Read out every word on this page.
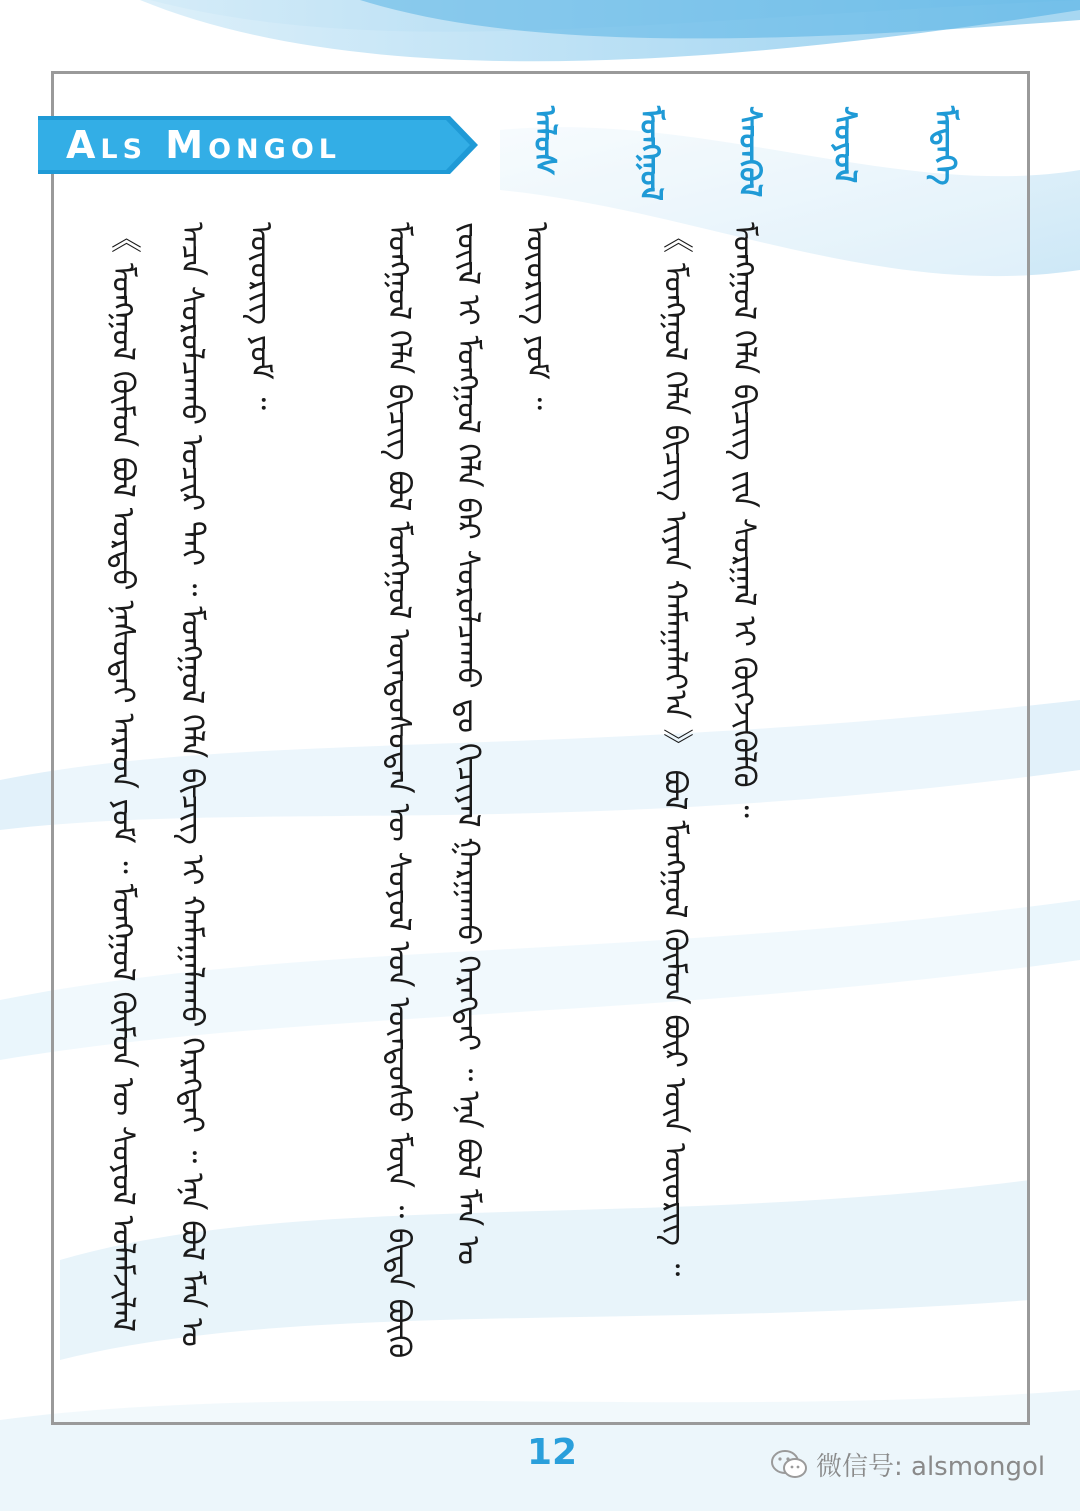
Als Mongol	ᠠᠯᠤᠰ ᠮᠣᠩᠭᠣᠯ ᠰᠡᠳᠬᠦᠯ ᠰᠣᠶᠣᠯ ᠮᠡᠳᠡᠭᠡ
《 ᠮᠣᠩᠭᠣᠯ ᠬᠦᠮᠦᠨ ᠪᠣᠯ ᠤᠷᠲᠤ ᠨᠠᠰᠤᠲᠠᠢ ᠠᠷᠠᠳ ᠶᠤᠮ ᠃ ᠮᠣᠩᠭᠣᠯ ᠬᠦᠮᠦᠨ ᠦ ᠰᠣᠶᠣᠯ ᠤᠯᠠᠮᠵᠢᠯᠠᠯ ᠠᠴᠠ ᠰᠤᠷᠤᠯᠴᠠᠬᠤ ᠤᠴᠢᠷ ᠲᠠᠢ ᠃ ᠮᠣᠩᠭᠣᠯ ᠬᠡᠯᠡ ᠪᠢᠴᠢᠭ ᠢ ᠬᠠᠮᠠᠭᠠᠯᠠᠬᠤ ᠬᠡᠷᠡᠭᠲᠡᠢ ᠃ ᠡᠨᠡ ᠪᠣᠯ ᠮᠠᠨ ᠤ ᠦᠦᠷᠢᠭ ᠶᠤᠮ ᠃	ᠮᠣᠩᠭᠣᠯ ᠬᠡᠯᠡ ᠪᠢᠴᠢᠭ ᠪᠣᠯ ᠮᠣᠩᠭᠣᠯ ᠦᠨᠳᠦᠰᠦᠲᠡᠨ ᠦ ᠰᠣᠶᠣᠯ ᠤᠨ ᠦᠨᠳᠦᠰᠦ ᠮᠥᠨ ᠃ ᠪᠢᠳᠡ ᠪᠦᠬᠦ ᠵᠦᠢᠯ ᠢ ᠮᠣᠩᠭᠣᠯ ᠬᠡᠯᠡ ᠪᠡᠷ ᠰᠤᠷᠤᠯᠴᠠᠬᠤ ᠳᠤ ᠬᠢᠴᠢᠶᠡᠯ ᠭᠠᠷᠭᠠᠬᠤ ᠬᠡᠷᠡᠭᠲᠡᠢ ᠃ ᠡᠨᠡ ᠪᠣᠯ ᠮᠠᠨ ᠤ ᠦᠦᠷᠢᠭ ᠶᠤᠮ ᠃	《 ᠮᠣᠩᠭᠣᠯ ᠬᠡᠯᠡ ᠪᠢᠴᠢᠭ ᠢᠶᠡᠨ ᠬᠠᠮᠠᠭᠠᠯᠠᠶ᠎ᠠ 》 ᠪᠣᠯ ᠮᠣᠩᠭᠣᠯ ᠬᠦᠮᠦᠨ ᠪᠦᠷ ᠦᠨ ᠦᠦᠷᠢᠭ ᠃ ᠮᠣᠩᠭᠣᠯ ᠬᠡᠯᠡ ᠪᠢᠴᠢᠭ ᠵᠢᠨ ᠰᠤᠷᠭᠠᠯ ᠢ ᠬᠥᠭᠵᠢᠭᠦᠯᠬᠦ ᠃
12	微信号: alsmongol
